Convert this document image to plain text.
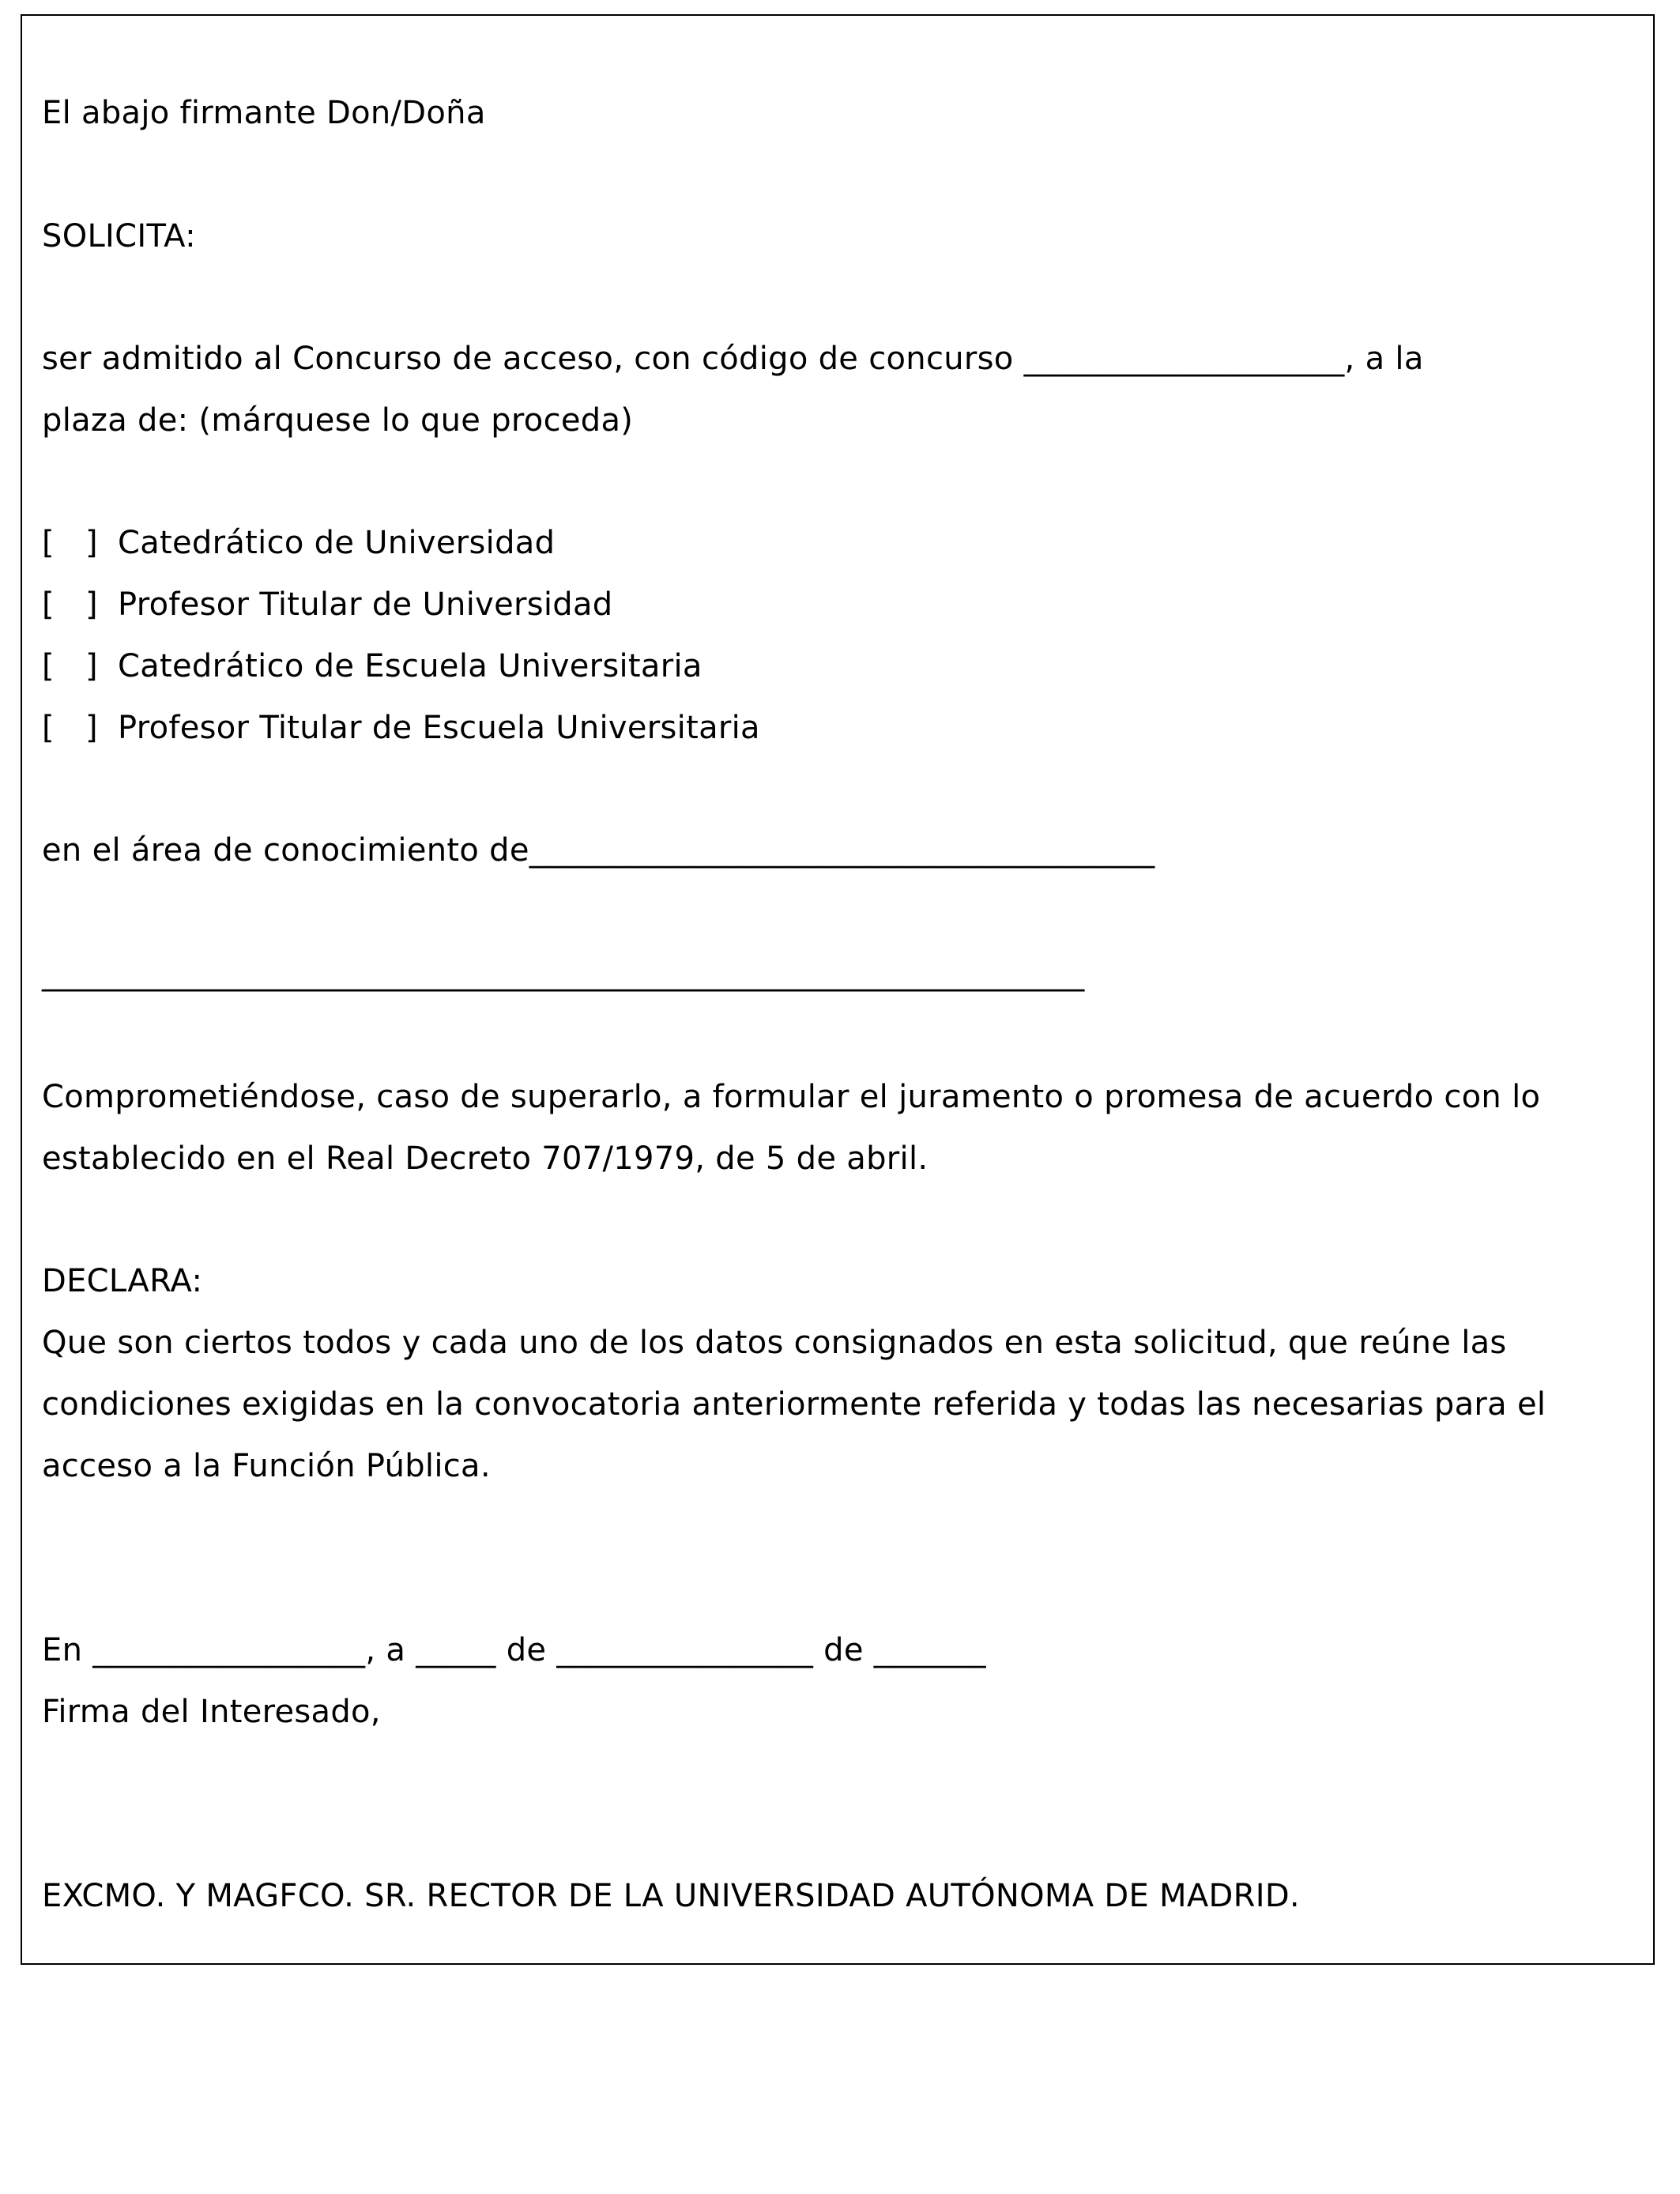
El abajo firmante Don/Doña

SOLICITA:

ser admitido al Concurso de acceso, con código de concurso ____________________, a la

plaza de: (márquese lo que proceda)

[   ] Catedrático de Universidad
[   ] Profesor Titular de Universidad
[   ] Catedrático de Escuela Universitaria
[   ] Profesor Titular de Escuela Universitaria

en el área de conocimiento de_______________________________________

_________________________________________________________________

Comprometiéndose, caso de superarlo, a formular el juramento o promesa de acuerdo con lo

establecido en el Real Decreto 707/1979, de 5 de abril.

DECLARA:

Que son ciertos todos y cada uno de los datos consignados en esta solicitud, que reúne las

condiciones exigidas en la convocatoria anteriormente referida y todas las necesarias para el

acceso a la Función Pública.

En _________________, a _____ de ________________ de _______

Firma del Interesado,

EXCMO. Y MAGFCO. SR. RECTOR DE LA UNIVERSIDAD AUTÓNOMA DE MADRID.
